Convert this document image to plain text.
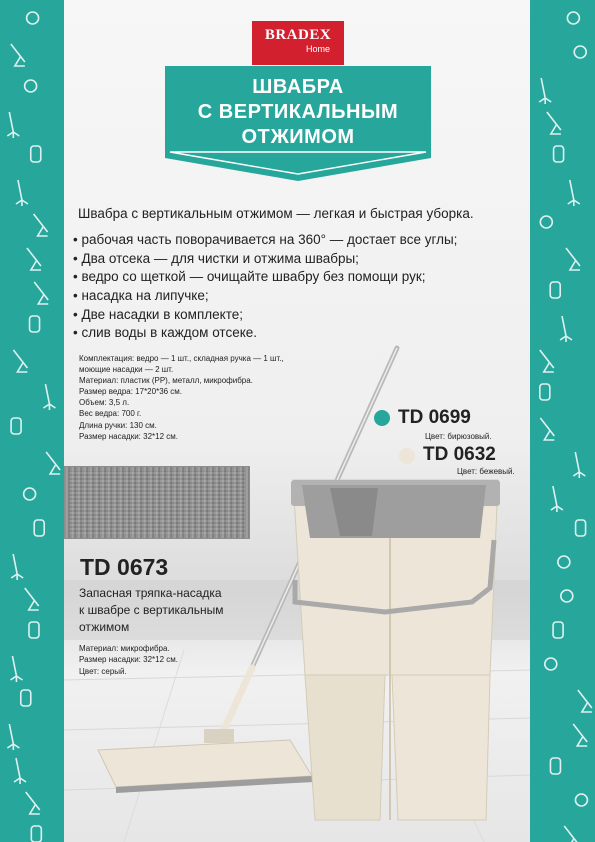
BRADEX
Home
ШВАБРА
С ВЕРТИКАЛЬНЫМ
ОТЖИМОМ
Швабра с вертикальным отжимом — легкая и быстрая уборка.
• рабочая часть поворачивается на 360° — достает все углы;
• Два отсека — для чистки и отжима швабры;
• ведро со щеткой — очищайте швабру без помощи рук;
• насадка на липучке;
• Две насадки в комплекте;
• слив воды в каждом отсеке.
Комплектация: ведро — 1 шт., складная ручка — 1 шт.,
моющие насадки — 2 шт.
Материал: пластик (PP), металл, микрофибра.
Размер ведра: 17*20*36 см.
Объем: 3,5 л.
Вес ведра: 700 г.
Длина ручки: 130 см.
Размер насадки: 32*12 см.
TD 0699
Цвет: бирюзовый.
TD 0632
Цвет: бежевый.
TD 0673
Запасная тряпка-насадка
к швабре с вертикальным
отжимом
Материал: микрофибра.
Размер насадки: 32*12 см.
Цвет: серый.
